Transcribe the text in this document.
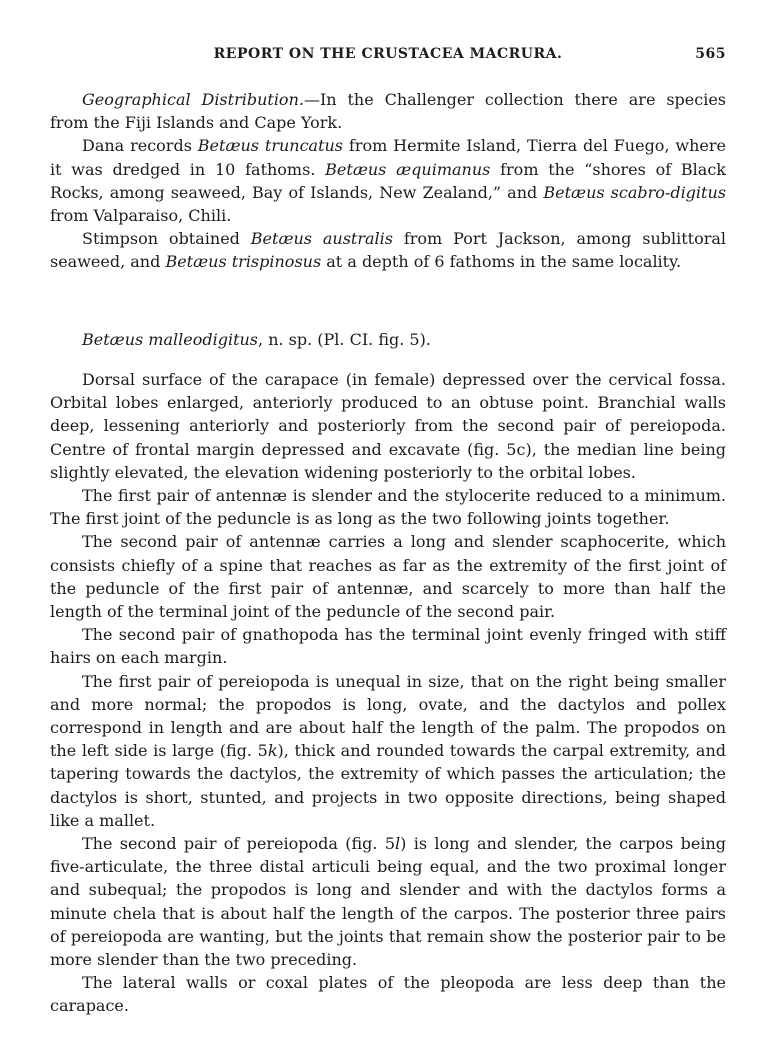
REPORT ON THE CRUSTACEA MACRURA.	565

Geographical Distribution.—In the Challenger collection there are species from the Fiji Islands and Cape York.

Dana records Betæus truncatus from Hermite Island, Tierra del Fuego, where it was dredged in 10 fathoms. Betæus æquimanus from the “shores of Black Rocks, among seaweed, Bay of Islands, New Zealand,” and Betæus scabro-digitus from Valparaiso, Chili.

Stimpson obtained Betæus australis from Port Jackson, among sublittoral seaweed, and Betæus trispinosus at a depth of 6 fathoms in the same locality.

Betæus malleodigitus, n. sp. (Pl. CI. fig. 5).

Dorsal surface of the carapace (in female) depressed over the cervical fossa. Orbital lobes enlarged, anteriorly produced to an obtuse point. Branchial walls deep, lessening anteriorly and posteriorly from the second pair of pereiopoda. Centre of frontal margin depressed and excavate (fig. 5c), the median line being slightly elevated, the elevation widening posteriorly to the orbital lobes.

The first pair of antennæ is slender and the stylocerite reduced to a minimum. The first joint of the peduncle is as long as the two following joints together.

The second pair of antennæ carries a long and slender scaphocerite, which consists chiefly of a spine that reaches as far as the extremity of the first joint of the peduncle of the first pair of antennæ, and scarcely to more than half the length of the terminal joint of the peduncle of the second pair.

The second pair of gnathopoda has the terminal joint evenly fringed with stiff hairs on each margin.

The first pair of pereiopoda is unequal in size, that on the right being smaller and more normal; the propodos is long, ovate, and the dactylos and pollex correspond in length and are about half the length of the palm. The propodos on the left side is large (fig. 5k), thick and rounded towards the carpal extremity, and tapering towards the dactylos, the extremity of which passes the articulation; the dactylos is short, stunted, and projects in two opposite directions, being shaped like a mallet.

The second pair of pereiopoda (fig. 5l) is long and slender, the carpos being five-articulate, the three distal articuli being equal, and the two proximal longer and subequal; the propodos is long and slender and with the dactylos forms a minute chela that is about half the length of the carpos. The posterior three pairs of pereiopoda are wanting, but the joints that remain show the posterior pair to be more slender than the two preceding.

The lateral walls or coxal plates of the pleopoda are less deep than the carapace.
